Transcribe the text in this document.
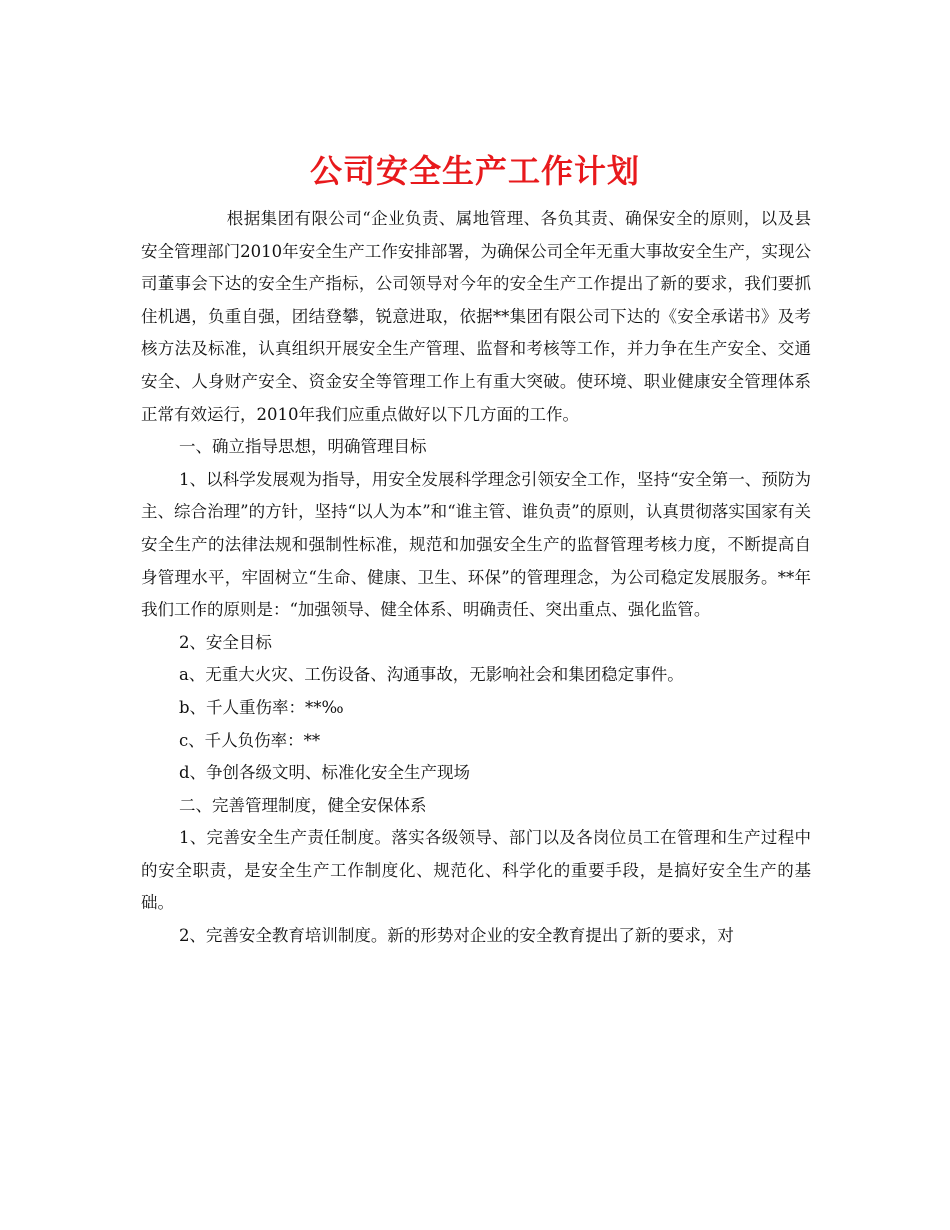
公司安全生产工作计划

根据集团有限公司“企业负责、属地管理、各负其责、确保安全的原则，以及县安全管理部门2010年安全生产工作安排部署，为确保公司全年无重大事故安全生产，实现公司董事会下达的安全生产指标，公司领导对今年的安全生产工作提出了新的要求，我们要抓住机遇，负重自强，团结登攀，锐意进取，依据**集团有限公司下达的《安全承诺书》及考核方法及标准，认真组织开展安全生产管理、监督和考核等工作，并力争在生产安全、交通安全、人身财产安全、资金安全等管理工作上有重大突破。使环境、职业健康安全管理体系正常有效运行，2010年我们应重点做好以下几方面的工作。

一、确立指导思想，明确管理目标

1、以科学发展观为指导，用安全发展科学理念引领安全工作，坚持“安全第一、预防为主、综合治理”的方针，坚持“以人为本”和“谁主管、谁负责”的原则，认真贯彻落实国家有关安全生产的法律法规和强制性标准，规范和加强安全生产的监督管理考核力度，不断提高自身管理水平，牢固树立“生命、健康、卫生、环保”的管理理念，为公司稳定发展服务。**年我们工作的原则是：“加强领导、健全体系、明确责任、突出重点、强化监管。

2、安全目标

a、无重大火灾、工伤设备、沟通事故，无影响社会和集团稳定事件。

b、千人重伤率：**‰

c、千人负伤率：**

d、争创各级文明、标准化安全生产现场

二、完善管理制度，健全安保体系

1、完善安全生产责任制度。落实各级领导、部门以及各岗位员工在管理和生产过程中的安全职责，是安全生产工作制度化、规范化、科学化的重要手段，是搞好安全生产的基础。

2、完善安全教育培训制度。新的形势对企业的安全教育提出了新的要求，对
